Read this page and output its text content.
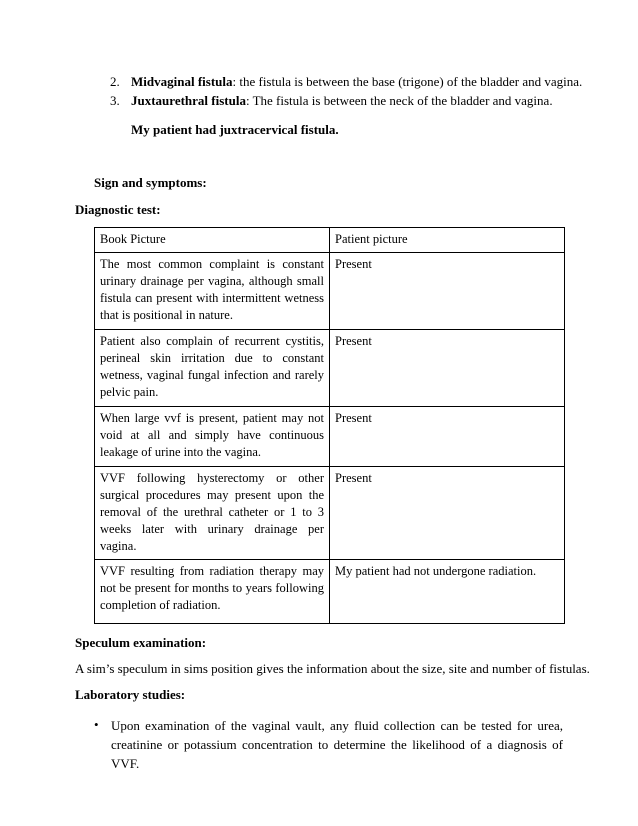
2. Midvaginal fistula: the fistula is between the base (trigone) of the bladder and vagina.
3. Juxtaurethral fistula: The fistula is between the neck of the bladder and vagina.
My patient had juxtracervical fistula.
Sign and symptoms:
Diagnostic test:
Book Picture	Patient picture
The most common complaint is constant urinary drainage per vagina, although small fistula can present with intermittent wetness that is positional in nature.	Present
Patient also complain of recurrent cystitis, perineal skin irritation due to constant wetness, vaginal fungal infection and rarely pelvic pain.	Present
When large vvf is present, patient may not void at all and simply have continuous leakage of urine into the vagina.	Present
VVF following hysterectomy or other surgical procedures may present upon the removal of the urethral catheter or 1 to 3 weeks later with urinary drainage per vagina.	Present
VVF resulting from radiation therapy may not be present for months to years following completion of radiation.	My patient had not undergone radiation.
Speculum examination:
A sim’s speculum in sims position gives the information about the size, site and number of fistulas.
Laboratory studies:
• Upon examination of the vaginal vault, any fluid collection can be tested for urea, creatinine or potassium concentration to determine the likelihood of a diagnosis of VVF.
